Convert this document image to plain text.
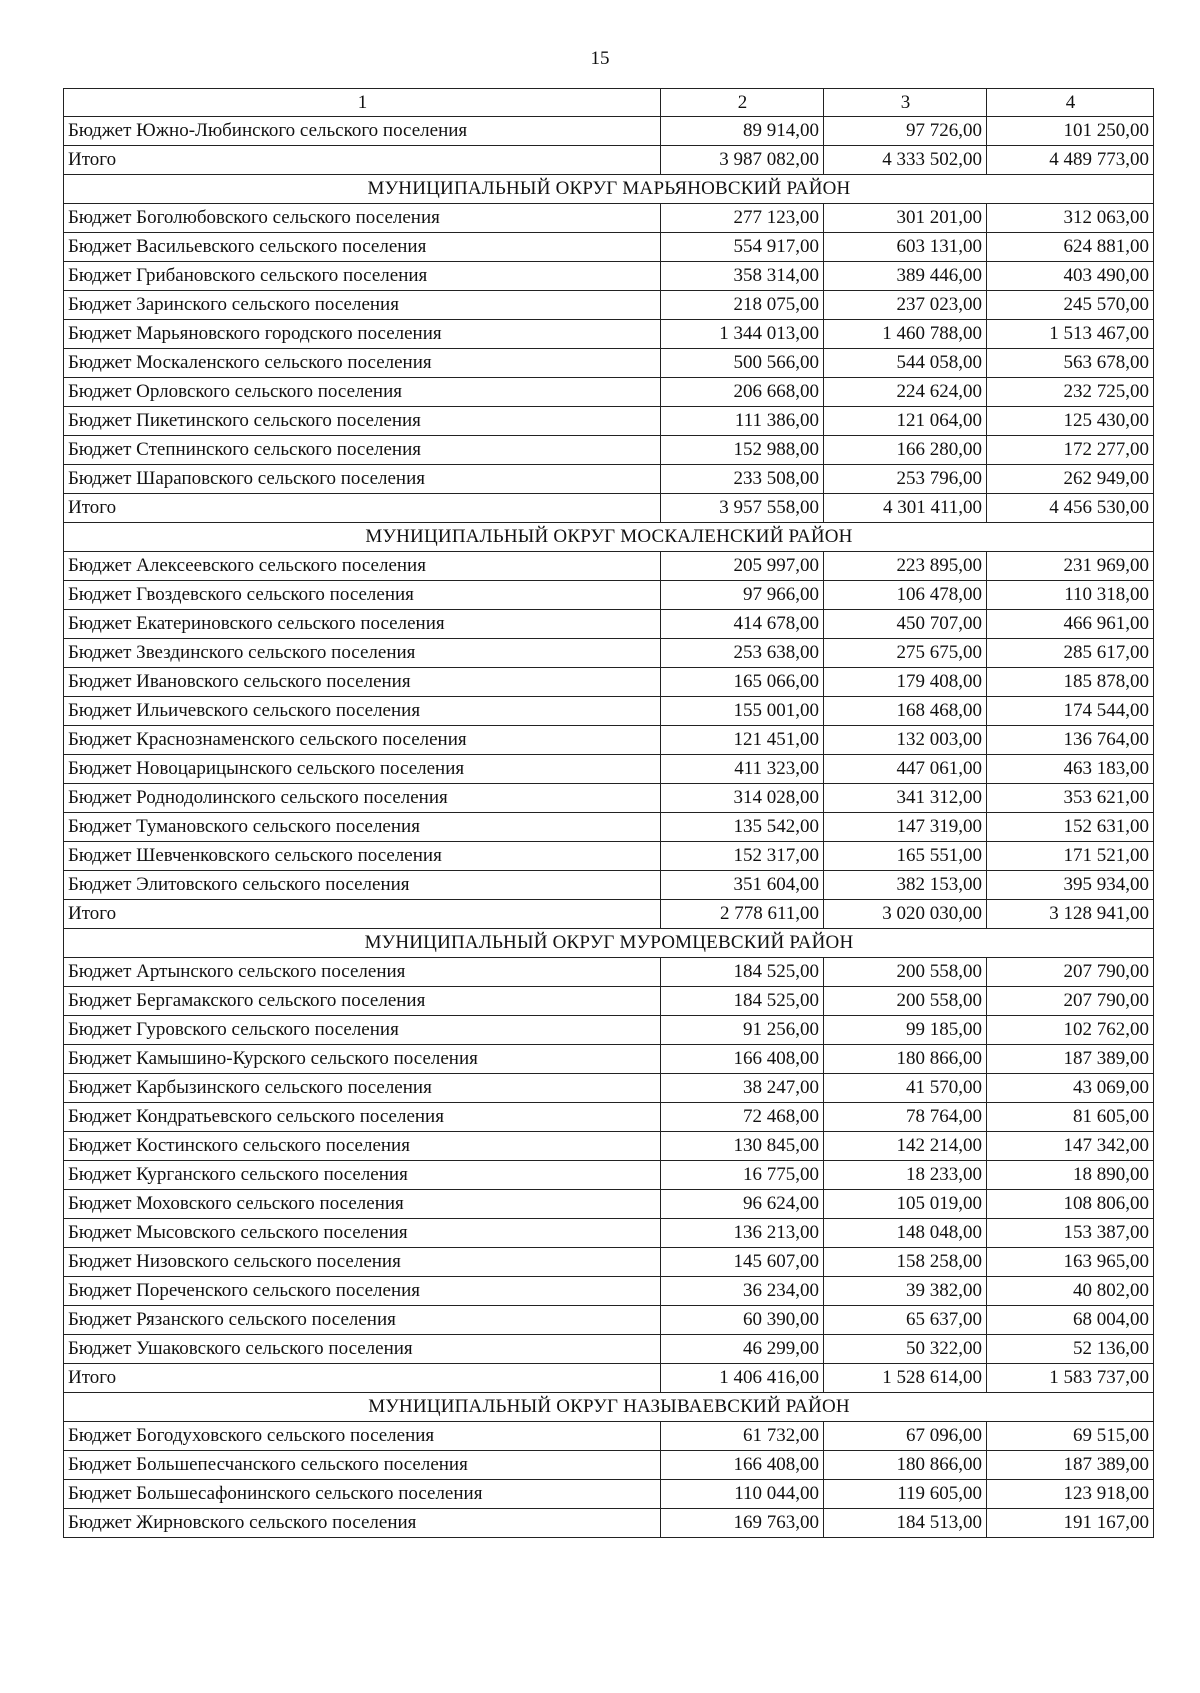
15
1	2	3	4
Бюджет Южно-Любинского сельского поселения	89 914,00	97 726,00	101 250,00
Итого	3 987 082,00	4 333 502,00	4 489 773,00
МУНИЦИПАЛЬНЫЙ ОКРУГ МАРЬЯНОВСКИЙ РАЙОН			
Бюджет Боголюбовского сельского поселения	277 123,00	301 201,00	312 063,00
Бюджет Васильевского сельского поселения	554 917,00	603 131,00	624 881,00
Бюджет Грибановского сельского поселения	358 314,00	389 446,00	403 490,00
Бюджет Заринского сельского поселения	218 075,00	237 023,00	245 570,00
Бюджет Марьяновского городского поселения	1 344 013,00	1 460 788,00	1 513 467,00
Бюджет Москаленского сельского поселения	500 566,00	544 058,00	563 678,00
Бюджет Орловского сельского поселения	206 668,00	224 624,00	232 725,00
Бюджет Пикетинского сельского поселения	111 386,00	121 064,00	125 430,00
Бюджет Степнинского сельского поселения	152 988,00	166 280,00	172 277,00
Бюджет Шараповского сельского поселения	233 508,00	253 796,00	262 949,00
Итого	3 957 558,00	4 301 411,00	4 456 530,00
МУНИЦИПАЛЬНЫЙ ОКРУГ МОСКАЛЕНСКИЙ РАЙОН			
Бюджет Алексеевского сельского поселения	205 997,00	223 895,00	231 969,00
Бюджет Гвоздевского сельского поселения	97 966,00	106 478,00	110 318,00
Бюджет Екатериновского сельского поселения	414 678,00	450 707,00	466 961,00
Бюджет Звездинского сельского поселения	253 638,00	275 675,00	285 617,00
Бюджет Ивановского сельского поселения	165 066,00	179 408,00	185 878,00
Бюджет Ильичевского сельского поселения	155 001,00	168 468,00	174 544,00
Бюджет Краснознаменского сельского поселения	121 451,00	132 003,00	136 764,00
Бюджет Новоцарицынского сельского поселения	411 323,00	447 061,00	463 183,00
Бюджет Роднодолинского сельского поселения	314 028,00	341 312,00	353 621,00
Бюджет Тумановского сельского поселения	135 542,00	147 319,00	152 631,00
Бюджет Шевченковского сельского поселения	152 317,00	165 551,00	171 521,00
Бюджет Элитовского сельского поселения	351 604,00	382 153,00	395 934,00
Итого	2 778 611,00	3 020 030,00	3 128 941,00
МУНИЦИПАЛЬНЫЙ ОКРУГ МУРОМЦЕВСКИЙ РАЙОН			
Бюджет Артынского сельского поселения	184 525,00	200 558,00	207 790,00
Бюджет Бергамакского сельского поселения	184 525,00	200 558,00	207 790,00
Бюджет Гуровского сельского поселения	91 256,00	99 185,00	102 762,00
Бюджет Камышино-Курского сельского поселения	166 408,00	180 866,00	187 389,00
Бюджет Карбызинского сельского поселения	38 247,00	41 570,00	43 069,00
Бюджет Кондратьевского сельского поселения	72 468,00	78 764,00	81 605,00
Бюджет Костинского сельского поселения	130 845,00	142 214,00	147 342,00
Бюджет Курганского сельского поселения	16 775,00	18 233,00	18 890,00
Бюджет Моховского сельского поселения	96 624,00	105 019,00	108 806,00
Бюджет Мысовского сельского поселения	136 213,00	148 048,00	153 387,00
Бюджет Низовского сельского поселения	145 607,00	158 258,00	163 965,00
Бюджет Пореченского сельского поселения	36 234,00	39 382,00	40 802,00
Бюджет Рязанского сельского поселения	60 390,00	65 637,00	68 004,00
Бюджет Ушаковского сельского поселения	46 299,00	50 322,00	52 136,00
Итого	1 406 416,00	1 528 614,00	1 583 737,00
МУНИЦИПАЛЬНЫЙ ОКРУГ НАЗЫВАЕВСКИЙ РАЙОН			
Бюджет Богодуховского сельского поселения	61 732,00	67 096,00	69 515,00
Бюджет Большепесчанского сельского поселения	166 408,00	180 866,00	187 389,00
Бюджет Большесафонинского сельского поселения	110 044,00	119 605,00	123 918,00
Бюджет Жирновского сельского поселения	169 763,00	184 513,00	191 167,00
